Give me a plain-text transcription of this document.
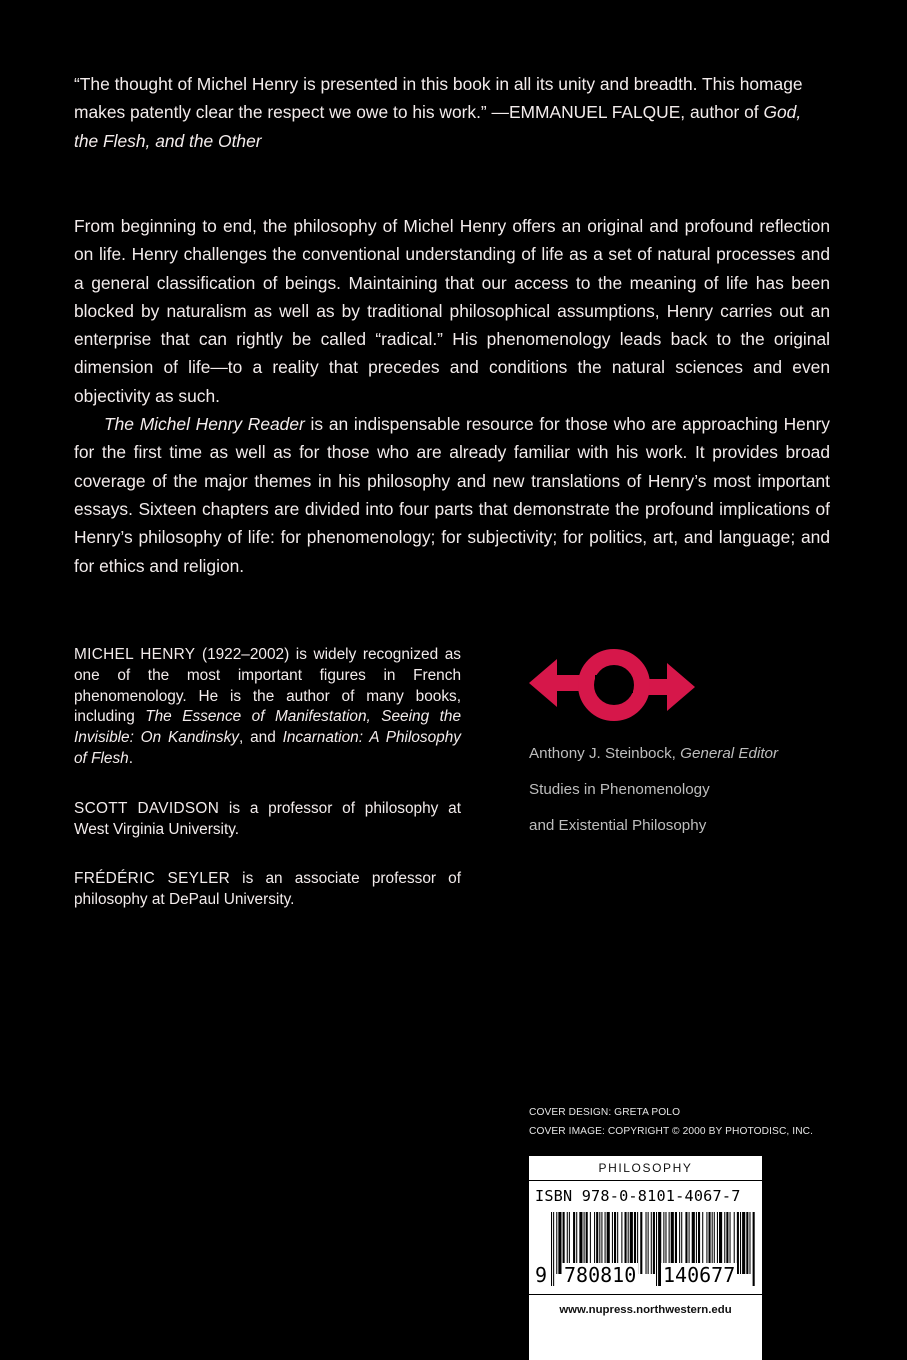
“The thought of Michel Henry is presented in this book in all its unity and breadth. This homage makes patently clear the respect we owe to his work.” —EMMANUEL FALQUE, author of God, the Flesh, and the Other

From beginning to end, the philosophy of Michel Henry offers an original and profound reflection on life. Henry challenges the conventional understanding of life as a set of natural processes and a general classification of beings. Maintaining that our access to the meaning of life has been blocked by naturalism as well as by traditional philosophical assumptions, Henry carries out an enterprise that can rightly be called “radical.” His phenomenology leads back to the original dimension of life—to a reality that precedes and conditions the natural sciences and even objectivity as such.

The Michel Henry Reader is an indispensable resource for those who are approaching Henry for the first time as well as for those who are already familiar with his work. It provides broad coverage of the major themes in his philosophy and new translations of Henry’s most important essays. Sixteen chapters are divided into four parts that demonstrate the profound implications of Henry’s philosophy of life: for phenomenology; for subjectivity; for politics, art, and language; and for ethics and religion.

MICHEL HENRY (1922–2002) is widely recognized as one of the most important figures in French phenomenology. He is the author of many books, including The Essence of Manifestation, Seeing the Invisible: On Kandinsky, and Incarnation: A Philosophy of Flesh.
SCOTT DAVIDSON is a professor of philosophy at West Virginia University.
FRÉDÉRIC SEYLER is an associate professor of philosophy at DePaul University.
Anthony J. Steinbock, General Editor
Studies in Phenomenology
and Existential Philosophy
COVER DESIGN: GRETA POLO
COVER IMAGE: COPYRIGHT © 2000 BY PHOTODISC, INC.
PHILOSOPHY
ISBN 978-0-8101-4067-7
9 780810 140677
www.nupress.northwestern.edu
